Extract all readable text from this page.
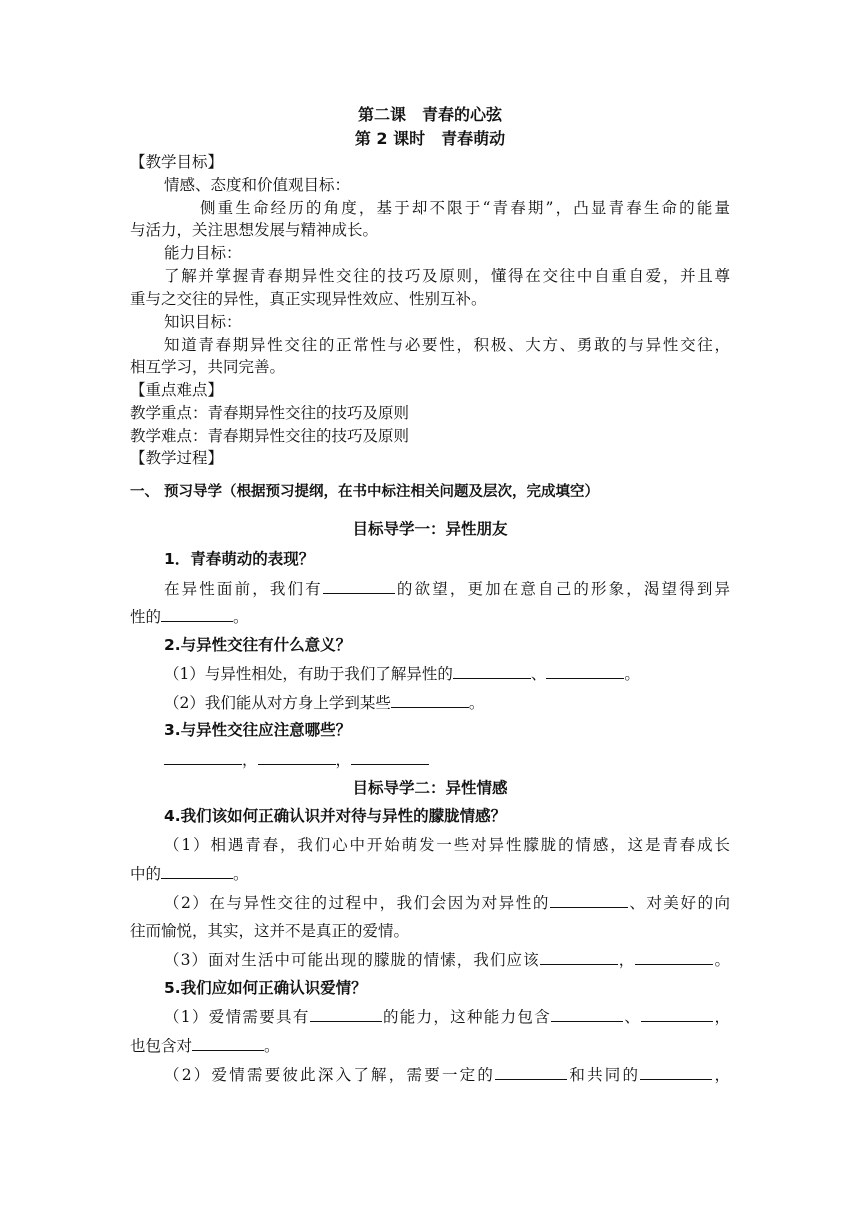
第二课　青春的心弦
第 2 课时　青春萌动
【教学目标】
情感、态度和价值观目标：
侧重生命经历的角度，基于却不限于“青春期”，凸显青春生命的能量
与活力，关注思想发展与精神成长。
能力目标：
了解并掌握青春期异性交往的技巧及原则，懂得在交往中自重自爱，并且尊
重与之交往的异性，真正实现异性效应、性别互补。
知识目标：
知道青春期异性交往的正常性与必要性，积极、大方、勇敢的与异性交往，
相互学习，共同完善。
【重点难点】
教学重点：青春期异性交往的技巧及原则
教学难点：青春期异性交往的技巧及原则
【教学过程】
一、 预习导学（根据预习提纲，在书中标注相关问题及层次，完成填空）
目标导学一：异性朋友
1．青春萌动的表现？
在异性面前，我们有	的欲望，更加在意自己的形象，渴望得到异
性的	。
2.与异性交往有什么意义？
（1）与异性相处，有助于我们了解异性的	、	。
（2）我们能从对方身上学到某些	。
3.与异性交往应注意哪些？
，	，
目标导学二：异性情感
4.我们该如何正确认识并对待与异性的朦胧情感？
（1）相遇青春，我们心中开始萌发一些对异性朦胧的情感，这是青春成长
中的	。
（2）在与异性交往的过程中，我们会因为对异性的	、对美好的向
往而愉悦，其实，这并不是真正的爱情。
（3）面对生活中可能出现的朦胧的情愫，我们应该	，	。
5.我们应如何正确认识爱情？
（1）爱情需要具有	的能力，这种能力包含	、	，
也包含对	。
（2）爱情需要彼此深入了解，需要一定的	和共同的	，
